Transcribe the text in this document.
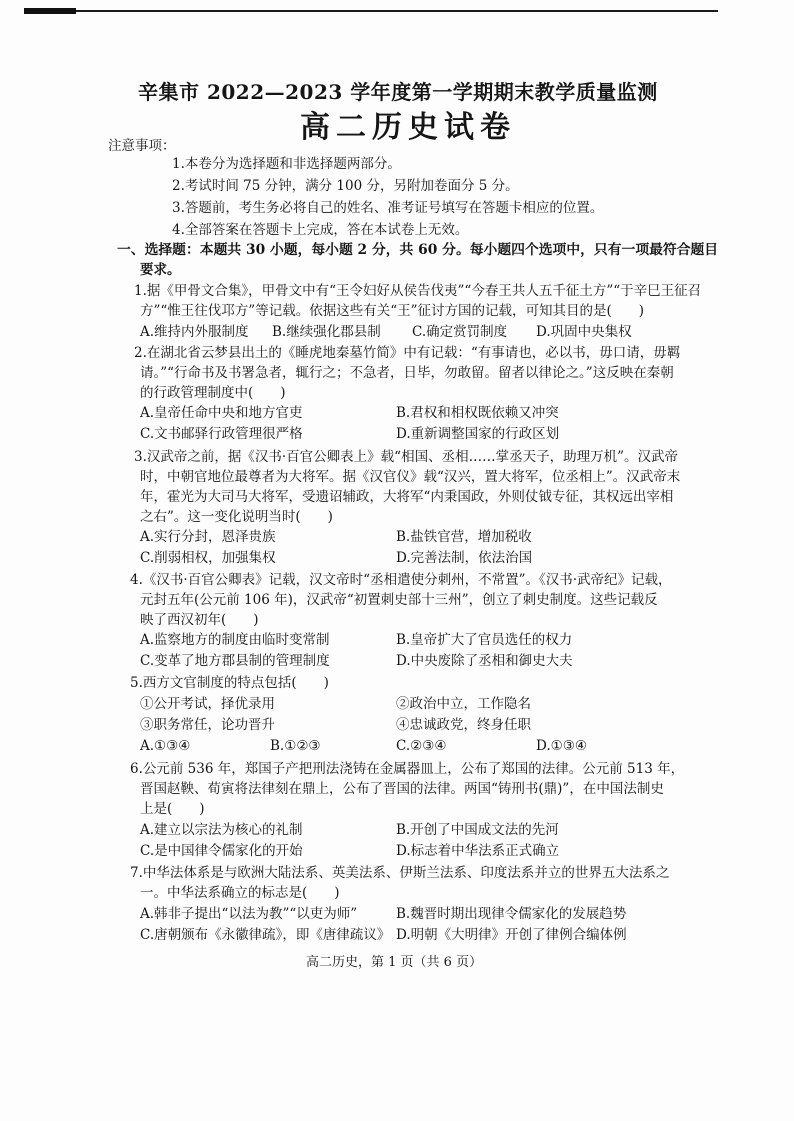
辛集市 2022—2023 学年度第一学期期末教学质量监测
高二历史试卷
注意事项：
1.本卷分为选择题和非选择题两部分。
2.考试时间 75 分钟，满分 100 分，另附加卷面分 5 分。
3.答题前，考生务必将自己的姓名、准考证号填写在答题卡相应的位置。
4.全部答案在答题卡上完成，答在本试卷上无效。
一、选择题：本题共 30 小题，每小题 2 分，共 60 分。每小题四个选项中，只有一项最符合题目
要求。
1.据《甲骨文合集》，甲骨文中有“王令妇好从侯告伐夷”“今春王共人五千征土方”“于辛巳王征召
方”“惟王往伐邛方”等记载。依据这些有关“王”征讨方国的记载，可知其目的是(　　)
A.维持内外服制度 B.继续强化郡县制 C.确定赏罚制度 D.巩固中央集权
2.在湖北省云梦县出土的《睡虎地秦墓竹简》中有记载：“有事请也，必以书，毋口请，毋羁
请。”“行命书及书署急者，辄行之；不急者，日毕，勿敢留。留者以律论之。”这反映在秦朝
的行政管理制度中(　　)
A.皇帝任命中央和地方官吏	B.君权和相权既依赖又冲突
C.文书邮驿行政管理很严格	D.重新调整国家的行政区划
3.汉武帝之前，据《汉书·百官公卿表上》载“相国、丞相……掌丞天子，助理万机”。汉武帝
时，中朝官地位最尊者为大将军。据《汉官仪》载“汉兴，置大将军，位丞相上”。汉武帝末
年，霍光为大司马大将军，受遗诏辅政，大将军“内秉国政，外则仗钺专征，其权远出宰相
之右”。这一变化说明当时(　　)
A.实行分封，恩泽贵族	B.盐铁官营，增加税收
C.削弱相权，加强集权	D.完善法制，依法治国
4.《汉书·百官公卿表》记载，汉文帝时“丞相遣使分刺州，不常置”。《汉书·武帝纪》记载，
元封五年(公元前 106 年)，汉武帝“初置刺史部十三州”，创立了刺史制度。这些记载反
映了西汉初年(　　)
A.监察地方的制度由临时变常制	B.皇帝扩大了官员选任的权力
C.变革了地方郡县制的管理制度	D.中央废除了丞相和御史大夫
5.西方文官制度的特点包括(　　)
①公开考试，择优录用	②政治中立，工作隐名
③职务常任，论功晋升	④忠诚政党，终身任职
A.①③④	B.①②③	C.②③④	D.①③④
6.公元前 536 年，郑国子产把刑法浇铸在金属器皿上，公布了郑国的法律。公元前 513 年，
晋国赵鞅、荀寅将法律刻在鼎上，公布了晋国的法律。两国“铸刑书(鼎)”，在中国法制史
上是(　　)
A.建立以宗法为核心的礼制	B.开创了中国成文法的先河
C.是中国律令儒家化的开始	D.标志着中华法系正式确立
7.中华法体系是与欧洲大陆法系、英美法系、伊斯兰法系、印度法系并立的世界五大法系之
一。中华法系确立的标志是(　　)
A.韩非子提出“以法为教”“以吏为师”	B.魏晋时期出现律令儒家化的发展趋势
C.唐朝颁布《永徽律疏》，即《唐律疏议》 D.明朝《大明律》开创了律例合编体例
高二历史，第 1 页（共 6 页）
